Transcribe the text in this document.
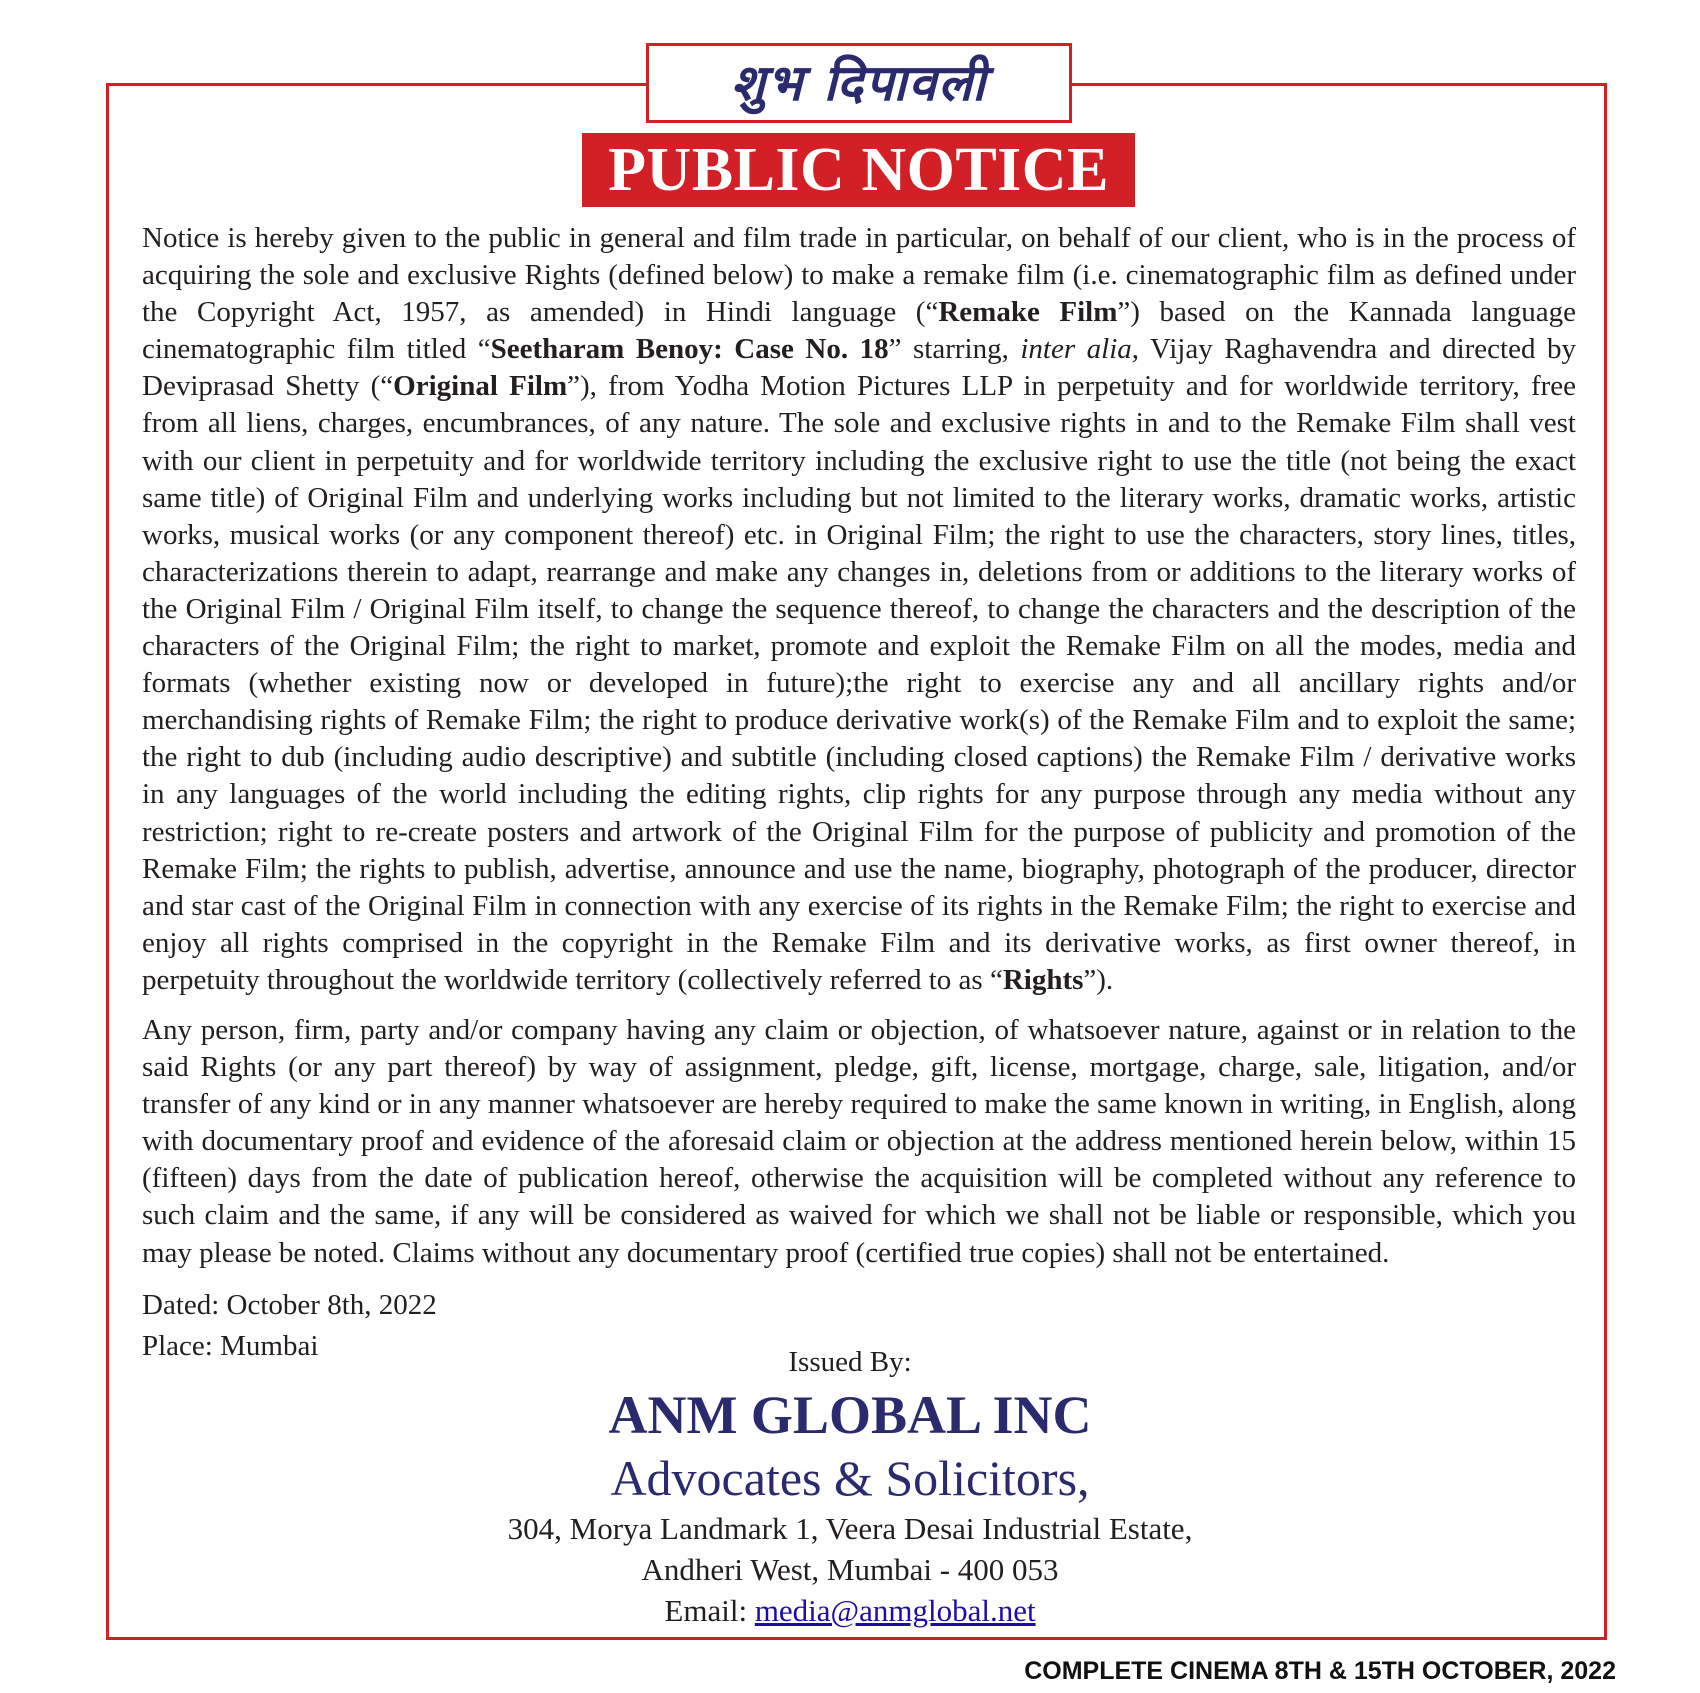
शुभ दिपावली
PUBLIC NOTICE

Notice is hereby given to the public in general and film trade in particular, on behalf of our client, who is in the process of acquiring the sole and exclusive Rights (defined below) to make a remake film (i.e. cinematographic film as defined under the Copyright Act, 1957, as amended) in Hindi language (“Remake Film”) based on the Kannada language cinematographic film titled “Seetharam Benoy: Case No. 18” starring, inter alia, Vijay Raghavendra and directed by Deviprasad Shetty (“Original Film”), from Yodha Motion Pictures LLP in perpetuity and for worldwide territory, free from all liens, charges, encumbrances, of any nature. The sole and exclusive rights in and to the Remake Film shall vest with our client in perpetuity and for worldwide territory including the exclusive right to use the title (not being the exact same title) of Original Film and underlying works including but not limited to the literary works, dramatic works, artistic works, musical works (or any component thereof) etc. in Original Film; the right to use the characters, story lines, titles, characterizations therein to adapt, rearrange and make any changes in, deletions from or additions to the literary works of the Original Film / Original Film itself, to change the sequence thereof, to change the characters and the description of the characters of the Original Film; the right to market, promote and exploit the Remake Film on all the modes, media and formats (whether existing now or developed in future);the right to exercise any and all ancillary rights and/or merchandising rights of Remake Film; the right to produce derivative work(s) of the Remake Film and to exploit the same; the right to dub (including audio descriptive) and subtitle (including closed captions) the Remake Film / derivative works in any languages of the world including the editing rights, clip rights for any purpose through any media without any restriction; right to re-create posters and artwork of the Original Film for the purpose of publicity and promotion of the Remake Film; the rights to publish, advertise, announce and use the name, biography, photograph of the producer, director and star cast of the Original Film in connection with any exercise of its rights in the Remake Film; the right to exercise and enjoy all rights comprised in the copyright in the Remake Film and its derivative works, as first owner thereof, in perpetuity throughout the worldwide territory (collectively referred to as “Rights”).

Any person, firm, party and/or company having any claim or objection, of whatsoever nature, against or in relation to the said Rights (or any part thereof) by way of assignment, pledge, gift, license, mortgage, charge, sale, litigation, and/or transfer of any kind or in any manner whatsoever are hereby required to make the same known in writing, in English, along with documentary proof and evidence of the aforesaid claim or objection at the address mentioned herein below, within 15 (fifteen) days from the date of publication hereof, otherwise the acquisition will be completed without any reference to such claim and the same, if any will be considered as waived for which we shall not be liable or responsible, which you may please be noted. Claims without any documentary proof (certified true copies) shall not be entertained.

Dated: October 8th, 2022
Place: Mumbai	Issued By:
ANM GLOBAL INC
Advocates & Solicitors,
304, Morya Landmark 1, Veera Desai Industrial Estate,
Andheri West, Mumbai - 400 053
Email: media@anmglobal.net
COMPLETE CINEMA 8TH & 15TH OCTOBER, 2022
